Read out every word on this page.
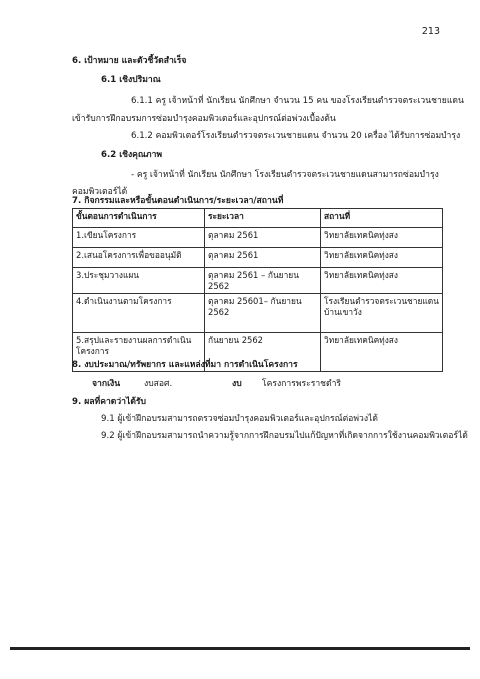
213
6. เป้าหมาย และตัวชี้วัดสำเร็จ
6.1 เชิงปริมาณ
6.1.1 ครู เจ้าหน้าที่ นักเรียน นักศึกษา จำนวน 15 คน ของโรงเรียนตำรวจตระเวนชายแดน
เข้ารับการฝึกอบรมการซ่อมบำรุงคอมพิวเตอร์และอุปกรณ์ต่อพ่วงเบื้องต้น
6.1.2 คอมพิวเตอร์โรงเรียนตำรวจตระเวนชายแดน จำนวน 20 เครื่อง ได้รับการซ่อมบำรุง
6.2 เชิงคุณภาพ
- ครู เจ้าหน้าที่ นักเรียน นักศึกษา โรงเรียนตำรวจตระเวนชายแดนสามารถซ่อมบำรุง
คอมพิวเตอร์ได้
7. กิจกรรมและหรือขั้นตอนดำเนินการ/ระยะเวลา/สถานที่
ขั้นตอนการดำเนินการ	ระยะเวลา	สถานที่
1.เขียนโครงการ	ตุลาคม 2561	วิทยาลัยเทคนิคทุ่งสง
2.เสนอโครงการเพื่อขออนุมัติ	ตุลาคม 2561	วิทยาลัยเทคนิคทุ่งสง
3.ประชุมวางแผน	ตุลาคม 2561 – กันยายน 2562	วิทยาลัยเทคนิคทุ่งสง
4.ดำเนินงานตามโครงการ	ตุลาคม 25601– กันยายน 2562	โรงเรียนตำรวจตระเวนชายแดนบ้านเขาวัง
5.สรุปและรายงานผลการดำเนินโครงการ	กันยายน 2562	วิทยาลัยเทคนิคทุ่งสง
8. งบประมาณ/ทรัพยากร และแหล่งที่มา การดำเนินโครงการ
จากเงิน	งบสอศ.	งบ โครงการพระราชดำริ
9. ผลที่คาดว่าได้รับ
9.1 ผู้เข้าฝึกอบรมสามารถตรวจซ่อมบำรุงคอมพิวเตอร์และอุปกรณ์ต่อพ่วงได้
9.2 ผู้เข้าฝึกอบรมสามารถนำความรู้จากการฝึกอบรมไปแก้ปัญหาที่เกิดจากการใช้งานคอมพิวเตอร์ได้
